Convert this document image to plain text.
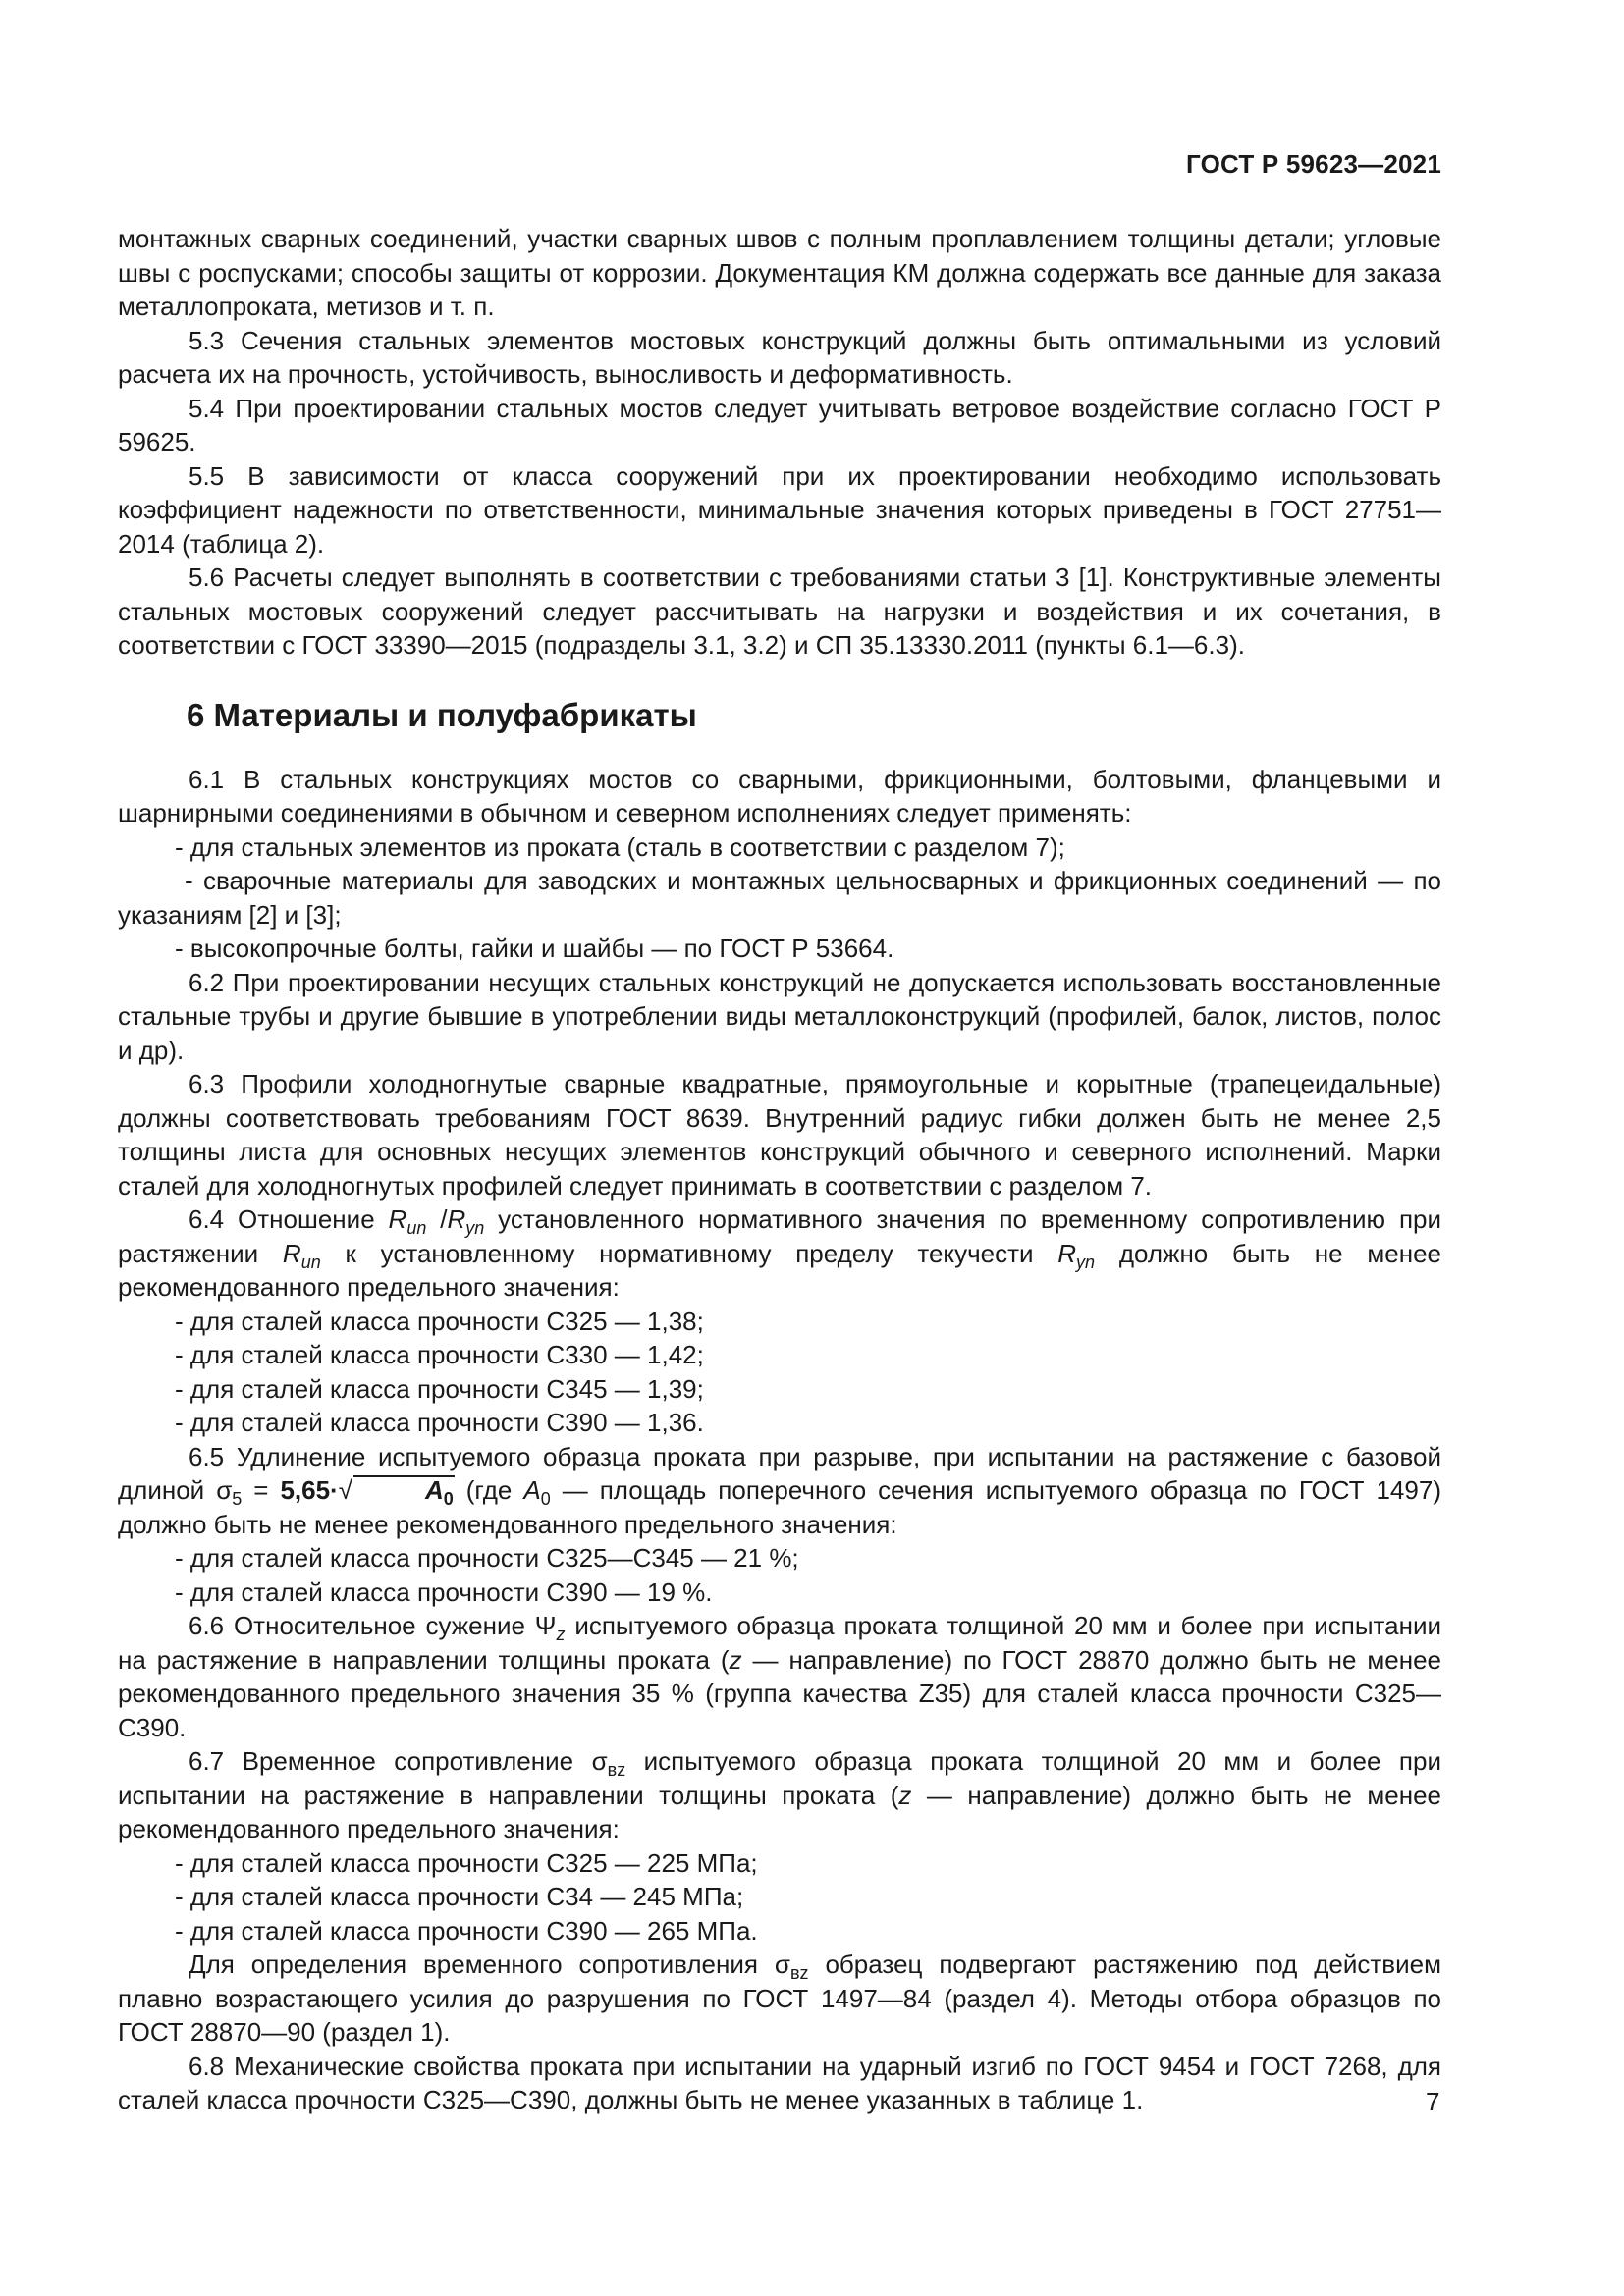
ГОСТ Р 59623—2021

монтажных сварных соединений, участки сварных швов с полным проплавлением толщины детали; угловые швы с роспусками; способы защиты от коррозии. Документация КМ должна содержать все данные для заказа металлопроката, метизов и т. п.

5.3 Сечения стальных элементов мостовых конструкций должны быть оптимальными из условий расчета их на прочность, устойчивость, выносливость и деформативность.

5.4 При проектировании стальных мостов следует учитывать ветровое воздействие согласно ГОСТ Р 59625.

5.5 В зависимости от класса сооружений при их проектировании необходимо использовать коэффициент надежности по ответственности, минимальные значения которых приведены в ГОСТ 27751—2014 (таблица 2).

5.6 Расчеты следует выполнять в соответствии с требованиями статьи 3 [1]. Конструктивные элементы стальных мостовых сооружений следует рассчитывать на нагрузки и воздействия и их сочетания, в соответствии с ГОСТ 33390—2015 (подразделы 3.1, 3.2) и СП 35.13330.2011 (пункты 6.1—6.3).

6 Материалы и полуфабрикаты

6.1 В стальных конструкциях мостов со сварными, фрикционными, болтовыми, фланцевыми и шарнирными соединениями в обычном и северном исполнениях следует применять:

- для стальных элементов из проката (сталь в соответствии с разделом 7);

- сварочные материалы для заводских и монтажных цельносварных и фрикционных соединений — по указаниям [2] и [3];

- высокопрочные болты, гайки и шайбы — по ГОСТ Р 53664.

6.2 При проектировании несущих стальных конструкций не допускается использовать восстановленные стальные трубы и другие бывшие в употреблении виды металлоконструкций (профилей, балок, листов, полос и др).

6.3 Профили холодногнутые сварные квадратные, прямоугольные и корытные (трапецеидальные) должны соответствовать требованиям ГОСТ 8639. Внутренний радиус гибки должен быть не менее 2,5 толщины листа для основных несущих элементов конструкций обычного и северного исполнений. Марки сталей для холодногнутых профилей следует принимать в соответствии с разделом 7.

6.4 Отношение $R_{un}$ $/R_{yn}$ установленного нормативного значения по временному сопротивлению при растяжении $R_{un}$ к установленному нормативному пределу текучести $R_{yn}$ должно быть не менее рекомендованного предельного значения:

- для сталей класса прочности С325 — 1,38;

- для сталей класса прочности С330 — 1,42;

- для сталей класса прочности С345 — 1,39;

- для сталей класса прочности С390 — 1,36.

6.5 Удлинение испытуемого образца проката при разрыве, при испытании на растяжение с базовой длиной $\sigma_5 = 5,65\cdot√$	$A_0$ (где $A_0$ — площадь поперечного сечения испытуемого образца по ГОСТ 1497) должно быть не менее рекомендованного предельного значения:

- для сталей класса прочности С325—С345 — 21 %;

- для сталей класса прочности С390 — 19 %.

6.6 Относительное сужение $\Psi_z$ испытуемого образца проката толщиной 20 мм и более при испытании на растяжение в направлении толщины проката (z — направление) по ГОСТ 28870 должно быть не менее рекомендованного предельного значения 35 % (группа качества Z35) для сталей класса прочности С325—С390.

6.7 Временное сопротивление $\sigma_{вz}$ испытуемого образца проката толщиной 20 мм и более при испытании на растяжение в направлении толщины проката (z — направление) должно быть не менее рекомендованного предельного значения:

- для сталей класса прочности С325 — 225 МПа;

- для сталей класса прочности С34 — 245 МПа;

- для сталей класса прочности С390 — 265 МПа.

Для определения временного сопротивления $\sigma_{вz}$ образец подвергают растяжению под действием плавно возрастающего усилия до разрушения по ГОСТ 1497—84 (раздел 4). Методы отбора образцов по ГОСТ 28870—90 (раздел 1).

6.8 Механические свойства проката при испытании на ударный изгиб по ГОСТ 9454 и ГОСТ 7268, для сталей класса прочности С325—С390, должны быть не менее указанных в таблице 1.	7
